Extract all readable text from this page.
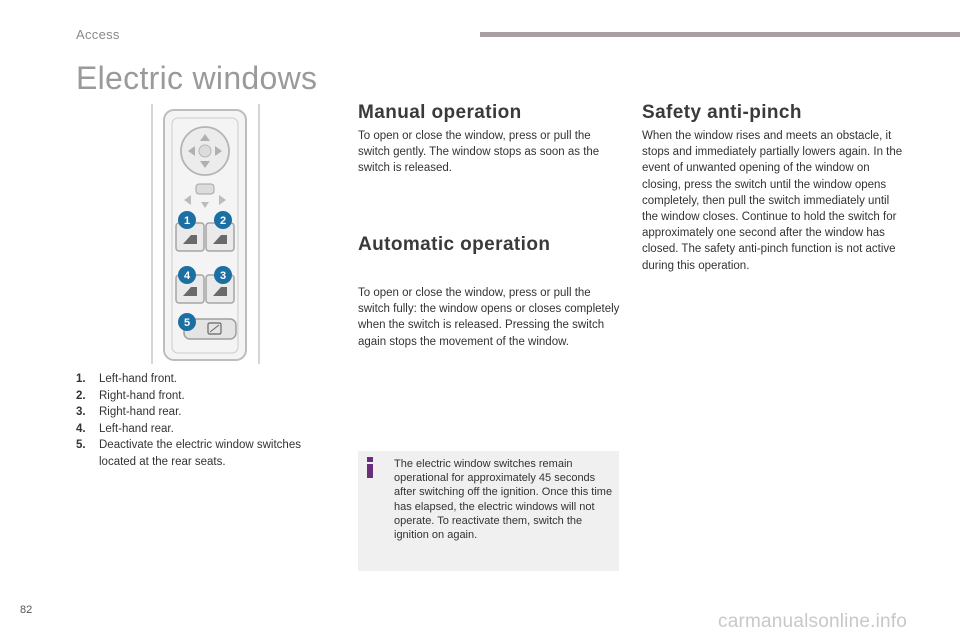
Access
Electric windows
1	2
4	3
5
1.	Left-hand front.
2.	Right-hand front.
3.	Right-hand rear.
4.	Left-hand rear.
5.	Deactivate the electric window switches located at the rear seats.
Manual operation

To open or close the window, press or pull the switch gently. The window stops as soon as the switch is released.

Automatic operation

To open or close the window, press or pull the switch fully: the window opens or closes completely when the switch is released. Pressing the switch again stops the movement of the window.

The electric window switches remain operational for approximately 45 seconds after switching off the ignition. Once this time has elapsed, the electric windows will not operate. To reactivate them, switch the ignition on again.
Safety anti-pinch

When the window rises and meets an obstacle, it stops and immediately partially lowers again. In the event of unwanted opening of the window on closing, press the switch until the window opens completely, then pull the switch immediately until the window closes. Continue to hold the switch for approximately one second after the window has closed. The safety anti-pinch function is not active during this operation.

82
carmanualsonline.info
